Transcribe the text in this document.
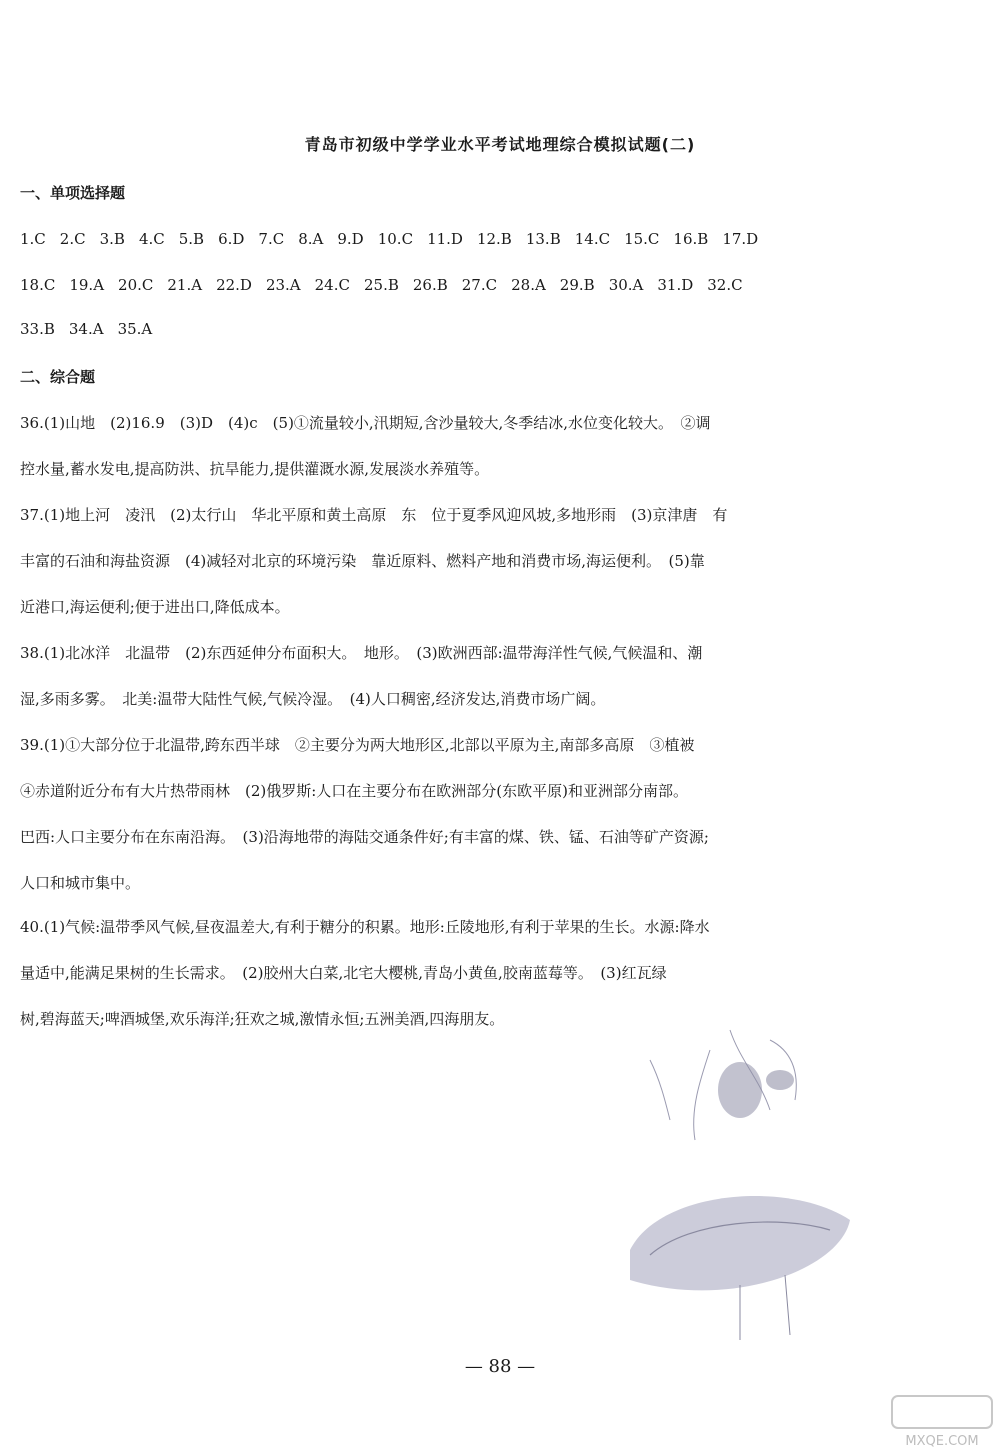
青岛市初级中学学业水平考试地理综合模拟试题(二)
一、单项选择题
1.C 2.C 3.B 4.C 5.B 6.D 7.C 8.A 9.D 10.C 11.D 12.B 13.B 14.C 15.C 16.B 17.D
18.C 19.A 20.C 21.A 22.D 23.A 24.C 25.B 26.B 27.C 28.A 29.B 30.A 31.D 32.C
33.B 34.A 35.A
二、综合题

36.(1)山地　(2)16.9　(3)D　(4)c　(5)①流量较小,汛期短,含沙量较大,冬季结冰,水位变化较大。　②调

控水量,蓄水发电,提高防洪、抗旱能力,提供灌溉水源,发展淡水养殖等。

37.(1)地上河　凌汛　(2)太行山　华北平原和黄土高原　东　位于夏季风迎风坡,多地形雨　(3)京津唐　有

丰富的石油和海盐资源　(4)减轻对北京的环境污染　靠近原料、燃料产地和消费市场,海运便利。　(5)靠

近港口,海运便利;便于进出口,降低成本。

38.(1)北冰洋　北温带　(2)东西延伸分布面积大。　地形。　(3)欧洲西部:温带海洋性气候,气候温和、潮

湿,多雨多雾。　北美:温带大陆性气候,气候冷湿。　(4)人口稠密,经济发达,消费市场广阔。

39.(1)①大部分位于北温带,跨东西半球　②主要分为两大地形区,北部以平原为主,南部多高原　③植被

④赤道附近分布有大片热带雨林　(2)俄罗斯:人口在主要分布在欧洲部分(东欧平原)和亚洲部分南部。

巴西:人口主要分布在东南沿海。　(3)沿海地带的海陆交通条件好;有丰富的煤、铁、锰、石油等矿产资源;

人口和城市集中。

40.(1)气候:温带季风气候,昼夜温差大,有利于糖分的积累。地形:丘陵地形,有利于苹果的生长。水源:降水

量适中,能满足果树的生长需求。　(2)胶州大白菜,北宅大樱桃,青岛小黄鱼,胶南蓝莓等。　(3)红瓦绿

树,碧海蓝天;啤酒城堡,欢乐海洋;狂欢之城,激情永恒;五洲美酒,四海朋友。

— 88 —
MXQE.COM
